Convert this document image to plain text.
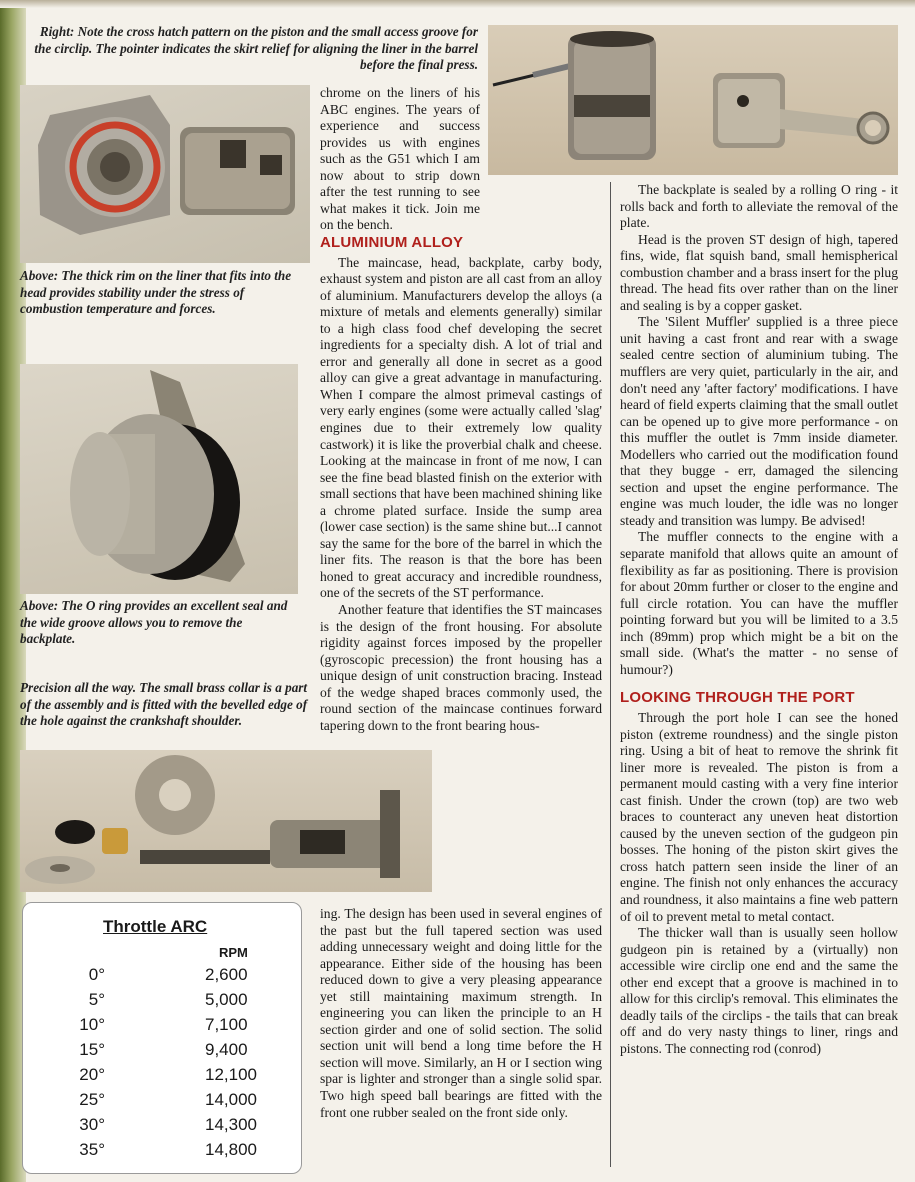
Right: Note the cross hatch pattern on the piston and the small access groove for the circlip. The pointer indicates the skirt relief for aligning the liner in the barrel before the final press.
Above: The thick rim on the liner that fits into the head provides stability under the stress of combustion temperature and forces.
Above: The O ring provides an excellent seal and the wide groove allows you to remove the backplate.
Precision all the way. The small brass collar is a part of the assembly and is fitted with the bevelled edge of the hole against the crankshaft shoulder.

chrome on the liners of his ABC engines. The years of experience and success provides us with engines such as the G51 which I am now about to strip down after the test running to see what makes it tick. Join me on the bench.

ALUMINIUM ALLOY

The maincase, head, backplate, carby body, exhaust system and piston are all cast from an alloy of aluminium. Manufacturers develop the alloys (a mixture of metals and elements generally) similar to a high class food chef developing the secret ingredients for a specialty dish. A lot of trial and error and generally all done in secret as a good alloy can give a great advantage in manufacturing. When I compare the almost primeval castings of very early engines (some were actually called 'slag' engines due to their extremely low quality castwork) it is like the proverbial chalk and cheese. Looking at the maincase in front of me now, I can see the fine bead blasted finish on the exterior with small sections that have been machined shining like a chrome plated surface. Inside the sump area (lower case section) is the same shine but...I cannot say the same for the bore of the barrel in which the liner fits. The reason is that the bore has been honed to great accuracy and incredible roundness, one of the secrets of the ST performance.

Another feature that identifies the ST maincases is the design of the front housing. For absolute rigidity against forces imposed by the propeller (gyroscopic precession) the front housing has a unique design of unit construction bracing. Instead of the wedge shaped braces commonly used, the round section of the maincase continues forward tapering down to the front bearing hous-

ing. The design has been used in several engines of the past but the full tapered section was used adding unnecessary weight and doing little for the appearance. Either side of the housing has been reduced down to give a very pleasing appearance yet still maintaining maximum strength. In engineering you can liken the principle to an H section girder and one of solid section. The solid section unit will bend a long time before the H section will move. Similarly, an H or I section wing spar is lighter and stronger than a single solid spar. Two high speed ball bearings are fitted with the front one rubber sealed on the front side only.

The backplate is sealed by a rolling O ring - it rolls back and forth to alleviate the removal of the plate.

Head is the proven ST design of high, tapered fins, wide, flat squish band, small hemispherical combustion chamber and a brass insert for the plug thread. The head fits over rather than on the liner and sealing is by a copper gasket.

The 'Silent Muffler' supplied is a three piece unit having a cast front and rear with a swage sealed centre section of aluminium tubing. The mufflers are very quiet, particularly in the air, and don't need any 'after factory' modifications. I have heard of field experts claiming that the small outlet can be opened up to give more performance - on this muffler the outlet is 7mm inside diameter. Modellers who carried out the modification found that they bugge - err, damaged the silencing section and upset the engine performance. The engine was much louder, the idle was no longer steady and transition was lumpy. Be advised!

The muffler connects to the engine with a separate manifold that allows quite an amount of flexibility as far as positioning. There is provision for about 20mm further or closer to the engine and full circle rotation. You can have the muffler pointing forward but you will be limited to a 3.5 inch (89mm) prop which might be a bit on the small side. (What's the matter - no sense of humour?)

LOOKING THROUGH THE PORT

Through the port hole I can see the honed piston (extreme roundness) and the single piston ring. Using a bit of heat to remove the shrink fit liner more is revealed. The piston is from a permanent mould casting with a very fine interior cast finish. Under the crown (top) are two web braces to counteract any uneven heat distortion caused by the uneven section of the gudgeon pin bosses. The honing of the piston skirt gives the cross hatch pattern seen inside the liner of an engine. The finish not only enhances the accuracy and roundness, it also maintains a fine web pattern of oil to prevent metal to metal contact.

The thicker wall than is usually seen hollow gudgeon pin is retained by a (virtually) non accessible wire circlip one end and the same the other end except that a groove is machined in to allow for this circlip's removal. This eliminates the deadly tails of the circlips - the tails that can break off and do very nasty things to liner, rings and pistons. The connecting rod (conrod)

Throttle ARC
RPM
0°	2,600
5°	5,000
10°	7,100
15°	9,400
20°	12,100
25°	14,000
30°	14,300
35°	14,800
